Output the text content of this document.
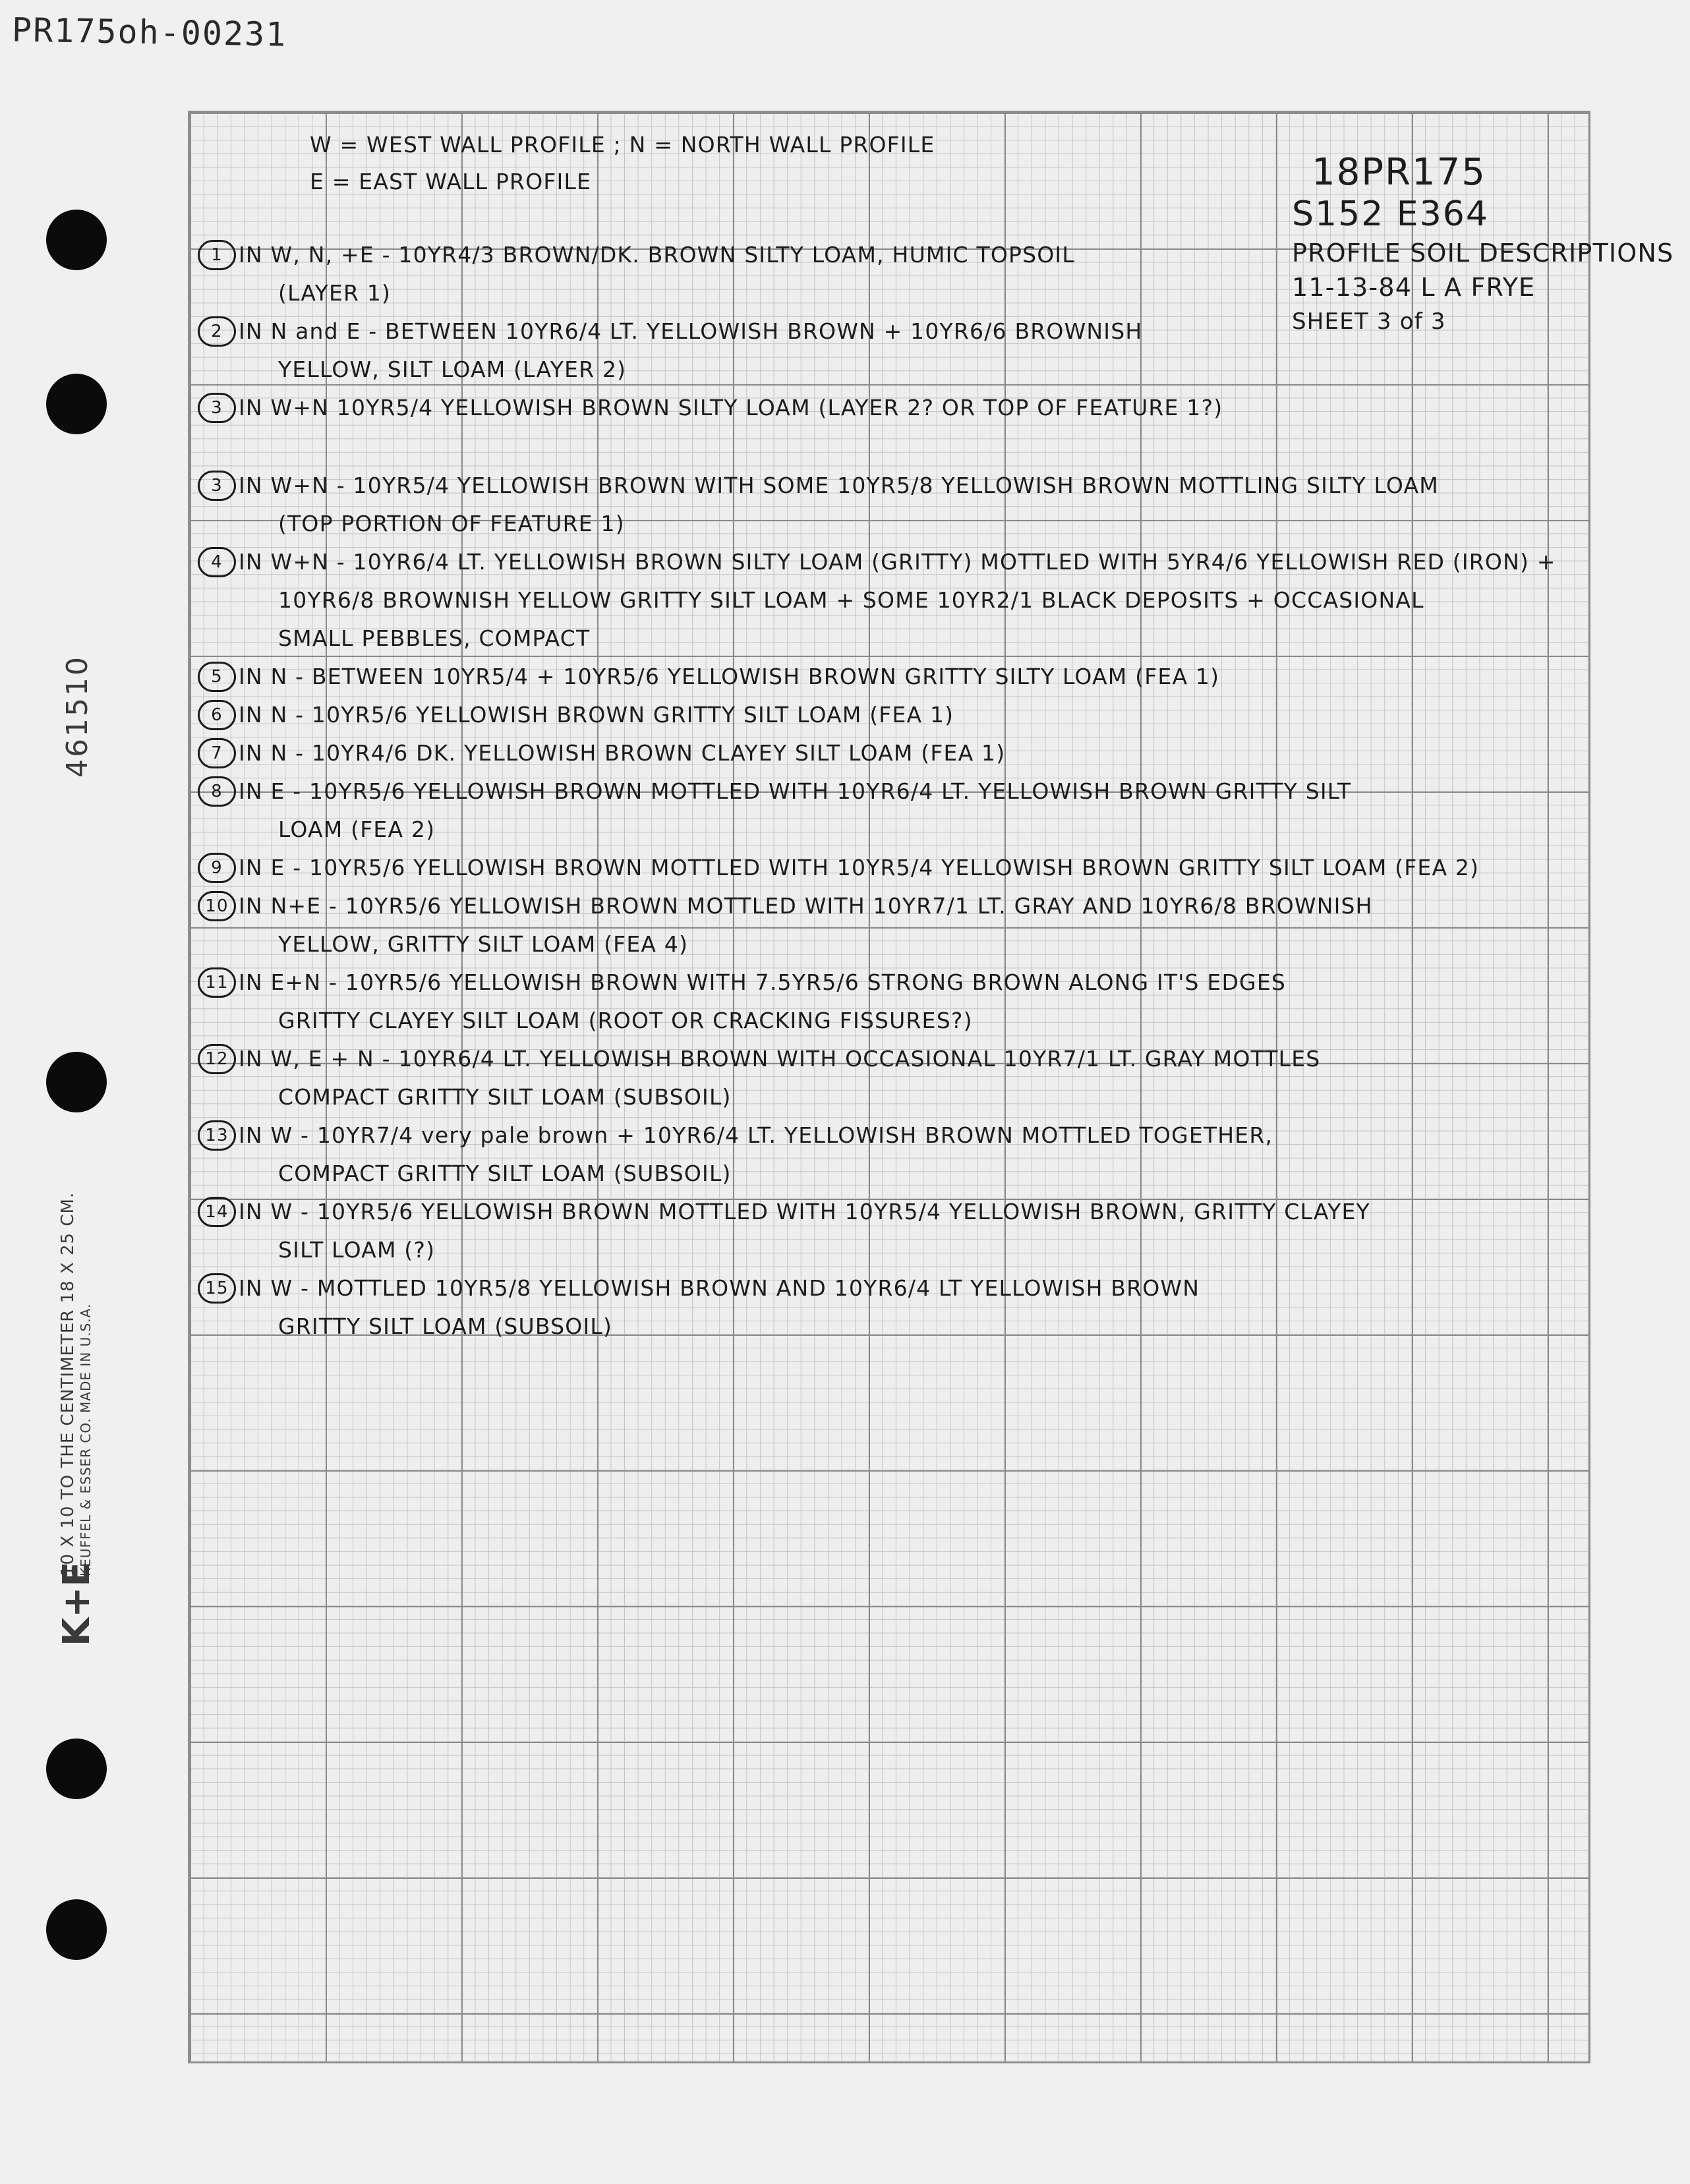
PR175oh-00231
461510
K+E
10 X 10 TO THE CENTIMETER 18 X 25 CM. KEUFFEL & ESSER CO. MADE IN U.S.A.
W = WEST WALL PROFILE ; N = NORTH WALL PROFILE
E = EAST WALL PROFILE	18PR175
S152 E364
PROFILE SOIL DESCRIPTIONS
11-13-84 L A FRYE
SHEET 3 of 3
1 IN W, N, +E - 10YR4/3 BROWN/DK. BROWN SILTY LOAM, HUMIC TOPSOIL
(LAYER 1)
2 IN N and E - BETWEEN 10YR6/4 LT. YELLOWISH BROWN + 10YR6/6 BROWNISH
YELLOW, SILT LOAM (LAYER 2)
3 IN W+N 10YR5/4 YELLOWISH BROWN SILTY LOAM (LAYER 2? OR TOP OF FEATURE 1?)
3 IN W+N - 10YR5/4 YELLOWISH BROWN WITH SOME 10YR5/8 YELLOWISH BROWN MOTTLING SILTY LOAM
(TOP PORTION OF FEATURE 1)
4 IN W+N - 10YR6/4 LT. YELLOWISH BROWN SILTY LOAM (GRITTY) MOTTLED WITH 5YR4/6 YELLOWISH RED (IRON) +
10YR6/8 BROWNISH YELLOW GRITTY SILT LOAM + SOME 10YR2/1 BLACK DEPOSITS + OCCASIONAL
SMALL PEBBLES, COMPACT
5 IN N - BETWEEN 10YR5/4 + 10YR5/6 YELLOWISH BROWN GRITTY SILTY LOAM (FEA 1)
6 IN N - 10YR5/6 YELLOWISH BROWN GRITTY SILT LOAM (FEA 1)
7 IN N - 10YR4/6 DK. YELLOWISH BROWN CLAYEY SILT LOAM (FEA 1)
8 IN E - 10YR5/6 YELLOWISH BROWN MOTTLED WITH 10YR6/4 LT. YELLOWISH BROWN GRITTY SILT
LOAM (FEA 2)
9 IN E - 10YR5/6 YELLOWISH BROWN MOTTLED WITH 10YR5/4 YELLOWISH BROWN GRITTY SILT LOAM (FEA 2)
10 IN N+E - 10YR5/6 YELLOWISH BROWN MOTTLED WITH 10YR7/1 LT. GRAY AND 10YR6/8 BROWNISH
YELLOW, GRITTY SILT LOAM (FEA 4)
11 IN E+N - 10YR5/6 YELLOWISH BROWN WITH 7.5YR5/6 STRONG BROWN ALONG IT'S EDGES
GRITTY CLAYEY SILT LOAM (ROOT OR CRACKING FISSURES?)
12 IN W, E + N - 10YR6/4 LT. YELLOWISH BROWN WITH OCCASIONAL 10YR7/1 LT. GRAY MOTTLES
COMPACT GRITTY SILT LOAM (SUBSOIL)
13 IN W - 10YR7/4 very pale brown + 10YR6/4 LT. YELLOWISH BROWN MOTTLED TOGETHER,
COMPACT GRITTY SILT LOAM (SUBSOIL)
14 IN W - 10YR5/6 YELLOWISH BROWN MOTTLED WITH 10YR5/4 YELLOWISH BROWN, GRITTY CLAYEY
SILT LOAM (?)
15 IN W - MOTTLED 10YR5/8 YELLOWISH BROWN AND 10YR6/4 LT YELLOWISH BROWN
GRITTY SILT LOAM (SUBSOIL)
